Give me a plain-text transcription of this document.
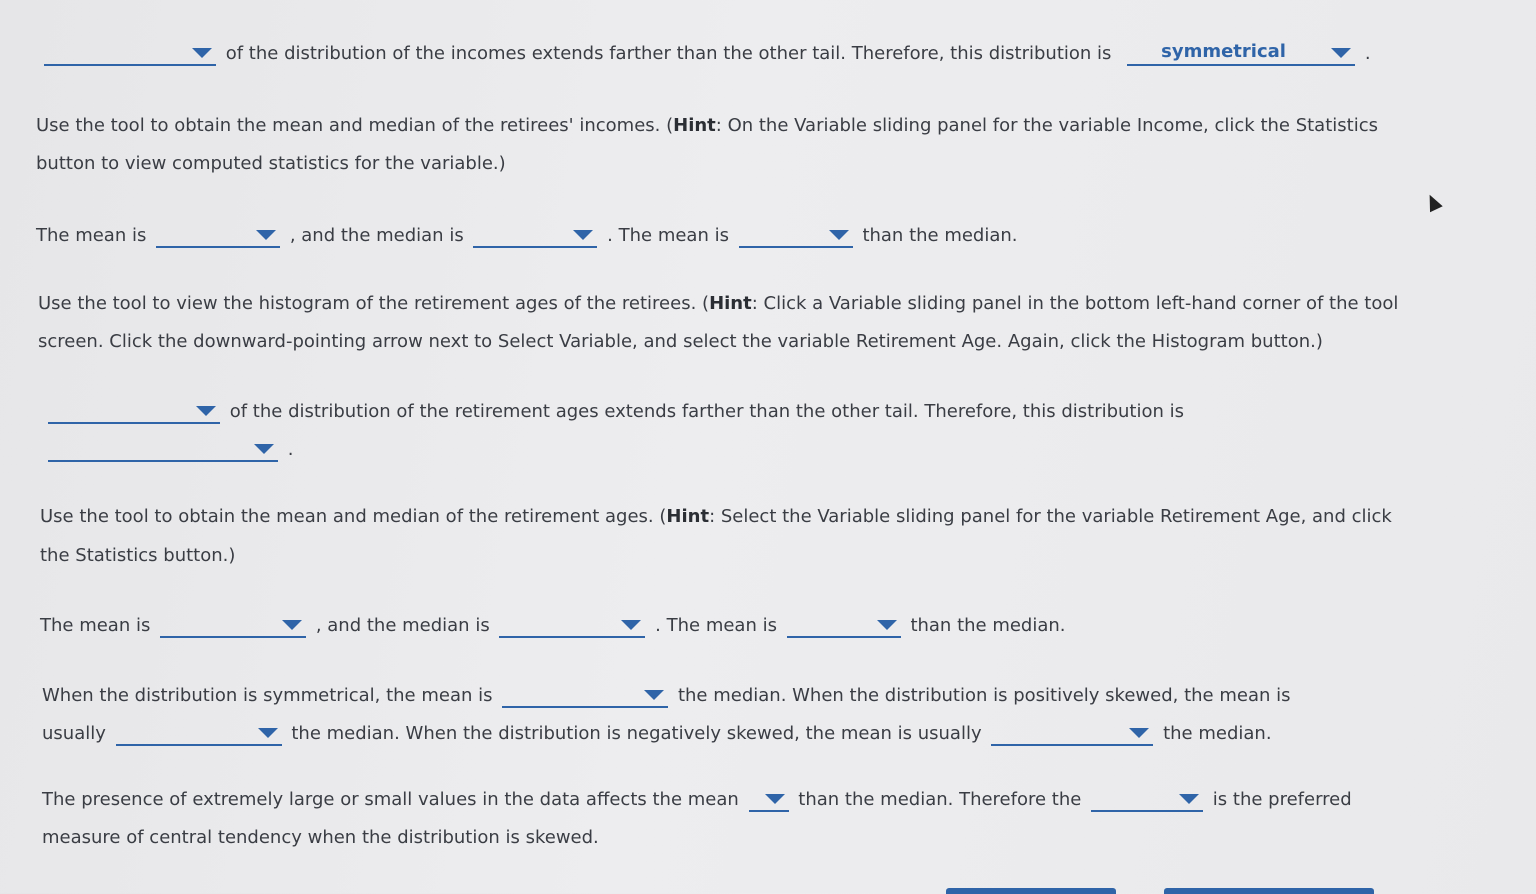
of the distribution of the incomes extends farther than the other tail. Therefore, this distribution is	symmetrical	.
Use the tool to obtain the mean and median of the retirees' incomes. (Hint: On the Variable sliding panel for the variable Income, click the Statistics
button to view computed statistics for the variable.)
The mean is	, and the median is	. The mean is	than the median.
Use the tool to view the histogram of the retirement ages of the retirees. (Hint: Click a Variable sliding panel in the bottom left-hand corner of the tool
screen. Click the downward-pointing arrow next to Select Variable, and select the variable Retirement Age. Again, click the Histogram button.)
of the distribution of the retirement ages extends farther than the other tail. Therefore, this distribution is
.
Use the tool to obtain the mean and median of the retirement ages. (Hint: Select the Variable sliding panel for the variable Retirement Age, and click
the Statistics button.)
The mean is	, and the median is	. The mean is	than the median.
When the distribution is symmetrical, the mean is	the median. When the distribution is positively skewed, the mean is
usually	the median. When the distribution is negatively skewed, the mean is usually	the median.
The presence of extremely large or small values in the data affects the mean	than the median. Therefore the	is the preferred
measure of central tendency when the distribution is skewed.
